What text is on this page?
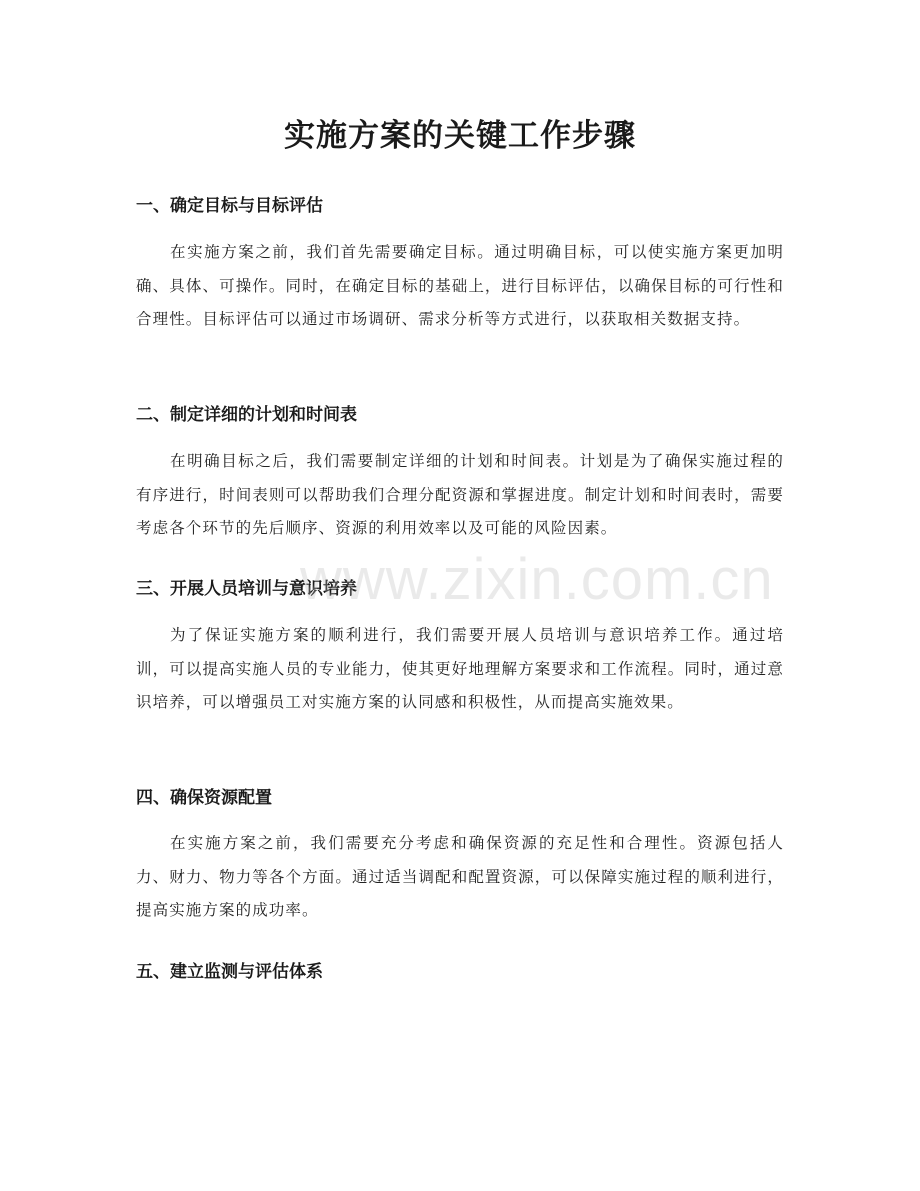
实施方案的关键工作步骤
一、确定目标与目标评估

在实施方案之前，我们首先需要确定目标。通过明确目标，可以使实施方案更加明确、具体、可操作。同时，在确定目标的基础上，进行目标评估，以确保目标的可行性和合理性。目标评估可以通过市场调研、需求分析等方式进行，以获取相关数据支持。

二、制定详细的计划和时间表

在明确目标之后，我们需要制定详细的计划和时间表。计划是为了确保实施过程的有序进行，时间表则可以帮助我们合理分配资源和掌握进度。制定计划和时间表时，需要考虑各个环节的先后顺序、资源的利用效率以及可能的风险因素。

三、开展人员培训与意识培养

为了保证实施方案的顺利进行，我们需要开展人员培训与意识培养工作。通过培训，可以提高实施人员的专业能力，使其更好地理解方案要求和工作流程。同时，通过意识培养，可以增强员工对实施方案的认同感和积极性，从而提高实施效果。

四、确保资源配置

在实施方案之前，我们需要充分考虑和确保资源的充足性和合理性。资源包括人力、财力、物力等各个方面。通过适当调配和配置资源，可以保障实施过程的顺利进行，提高实施方案的成功率。

五、建立监测与评估体系
www.zixin.com.cn
